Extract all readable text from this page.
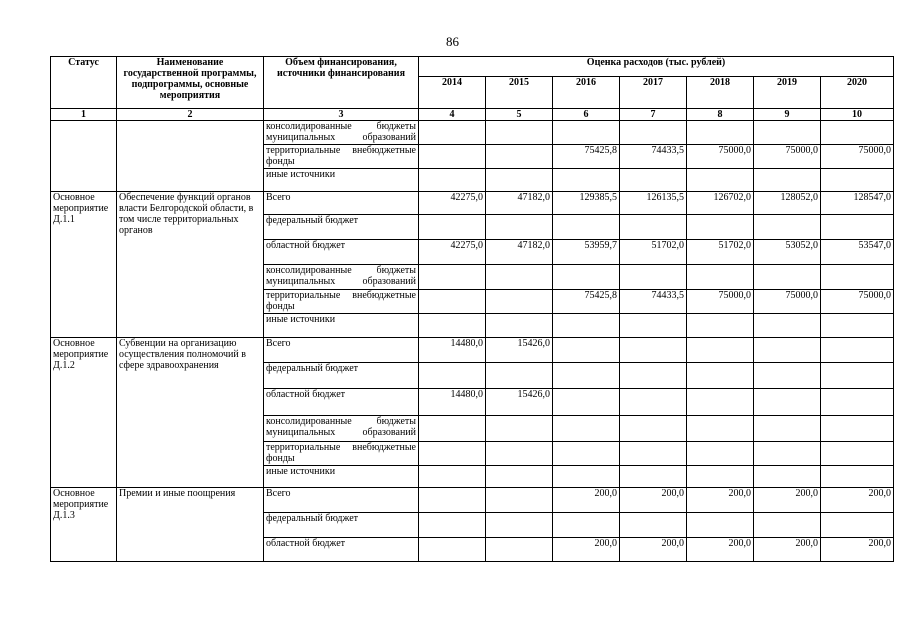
86
Статус	Наименование государственной программы, подпрограммы, основные мероприятия	Объем финансирования, источники финансирования	Оценка расходов (тыс. рублей)						
			2014	2015	2016	2017	2018	2019	2020
1	2	3	4	5	6	7	8	9	10
		консолидированные бюджеты муниципальных образований							
		территориальные внебюджетные фонды			75425,8	74433,5	75000,0	75000,0	75000,0
		иные источники							
Основное мероприятие Д.1.1	Обеспечение функций органов власти Белгородской области, в том числе территориальных органов	Всего	42275,0	47182,0	129385,5	126135,5	126702,0	128052,0	128547,0
		федеральный бюджет							
		областной бюджет	42275,0	47182,0	53959,7	51702,0	51702,0	53052,0	53547,0
		консолидированные бюджеты муниципальных образований							
		территориальные внебюджетные фонды			75425,8	74433,5	75000,0	75000,0	75000,0
		иные источники							
Основное мероприятие Д.1.2	Субвенции на организацию осуществления полномочий в сфере здравоохранения	Всего	14480,0	15426,0					
		федеральный бюджет							
		областной бюджет	14480,0	15426,0					
		консолидированные бюджеты муниципальных образований							
		территориальные внебюджетные фонды							
		иные источники							
Основное мероприятие Д.1.3	Премии и иные поощрения	Всего			200,0	200,0	200,0	200,0	200,0
		федеральный бюджет							
		областной бюджет			200,0	200,0	200,0	200,0	200,0
